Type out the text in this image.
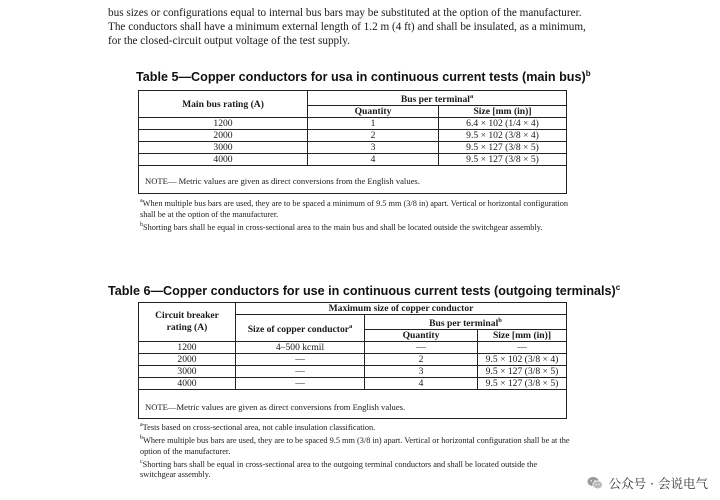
bus sizes or configurations equal to internal bus bars may be substituted at the option of the manufacturer.

The conductors shall have a minimum external length of 1.2 m (4 ft) and shall be insulated, as a minimum,

for the closed-circuit output voltage of the test supply.

Table 5—Copper conductors for usa in continuous current tests (main bus)$^b$
Main bus rating (A)	Bus per terminal$^a$
	Quantity	Size [mm (in)]
1200	1	6.4 × 102 (1/4 × 4)
2000	2	9.5 × 102 (3/8 × 4)
3000	3	9.5 × 127 (3/8 × 5)
4000	4	9.5 × 127 (3/8 × 5)
NOTE— Metric values are given as direct conversions from the English values.

$^a$When multiple bus bars are used, they are to be spaced a minimum of 9.5 mm (3/8 in) apart. Vertical or horizontal configuration shall be at the option of the manufacturer.

$^b$Shorting bars shall be equal in cross-sectional area to the main bus and shall be located outside the switchgear assembly.

Table 6—Copper conductors for use in continuous current tests (outgoing terminals)$^c$
Circuit breaker rating (A)	Maximum size of copper conductor		
	Size of copper conductor$^a$	Bus per terminal$^b$
		Quantity	Size [mm (in)]
1200	4–500 kcmil	—	—
2000	—	2	9.5 × 102 (3/8 × 4)
3000	—	3	9.5 × 127 (3/8 × 5)
4000	—	4	9.5 × 127 (3/8 × 5)
NOTE—Metric values are given as direct conversions from English values.

$^a$Tests based on cross-sectional area, not cable insulation classification.

$^b$Where multiple bus bars are used, they are to be spaced 9.5 mm (3/8 in) apart. Vertical or horizontal configuration shall be at the option of the manufacturer.

$^c$Shorting bars shall be equal in cross-sectional area to the outgoing terminal conductors and shall be located outside the switchgear assembly.

公众号 · 会说电气
